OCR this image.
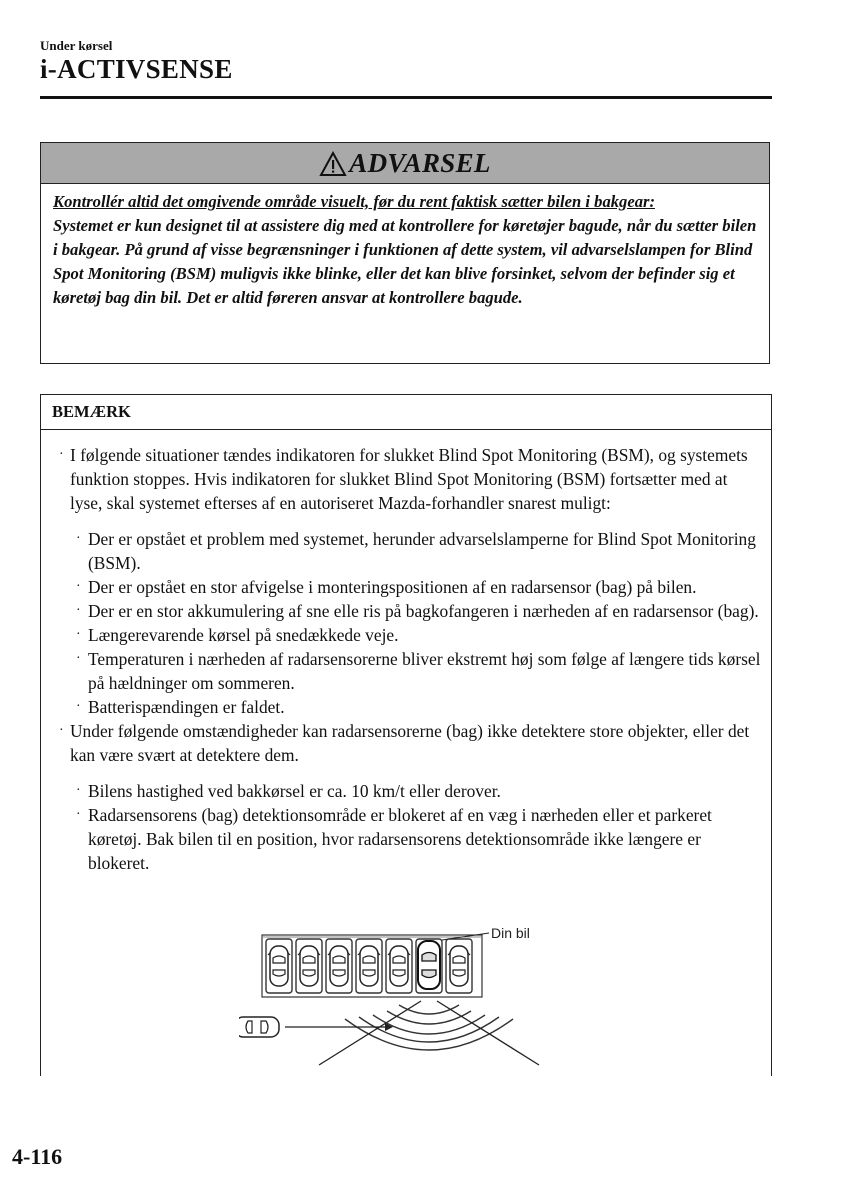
Under kørsel
i-ACTIVSENSE
ADVARSEL
Kontrollér altid det omgivende område visuelt, før du rent faktisk sætter bilen i bakgear:
Systemet er kun designet til at assistere dig med at kontrollere for køretøjer bagude, når du sætter bilen i bakgear. På grund af visse begrænsninger i funktionen af dette system, vil advarselslampen for Blind Spot Monitoring (BSM) muligvis ikke blinke, eller det kan blive forsinket, selvom der befinder sig et køretøj bag din bil. Det er altid føreren ansvar at kontrollere bagude.
BEMÆRK
· I følgende situationer tændes indikatoren for slukket Blind Spot Monitoring (BSM), og systemets funktion stoppes. Hvis indikatoren for slukket Blind Spot Monitoring (BSM) fortsætter med at lyse, skal systemet efterses af en autoriseret Mazda-forhandler snarest muligt:
· Der er opstået et problem med systemet, herunder advarselslamperne for Blind Spot Monitoring (BSM).
· Der er opstået en stor afvigelse i monteringspositionen af en radarsensor (bag) på bilen.
· Der er en stor akkumulering af sne elle ris på bagkofangeren i nærheden af en radarsensor (bag).
· Længerevarende kørsel på snedækkede veje.
· Temperaturen i nærheden af radarsensorerne bliver ekstremt høj som følge af længere tids kørsel på hældninger om sommeren.
· Batterispændingen er faldet.
· Under følgende omstændigheder kan radarsensorerne (bag) ikke detektere store objekter, eller det kan være svært at detektere dem.
· Bilens hastighed ved bakkørsel er ca. 10 km/t eller derover.
· Radarsensorens (bag) detektionsområde er blokeret af en væg i nærheden eller et parkeret køretøj. Bak bilen til en position, hvor radarsensorens detektionsområde ikke længere er blokeret.
Din bil
4-116
